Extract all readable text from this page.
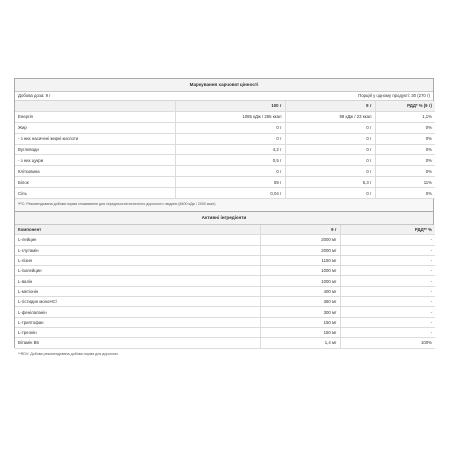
Маркування харчової цінності
Добова доза: 9 г	Порцій у одному продукті: 30 (270 г)
	100 г	9 г	РДД* % (9 г)
Енергія	1085 кДж / 255 ккал	98 кДж / 23 ккал	1,1%
Жир	0 г	0 г	0%
- з них насичені жирні кислоти	0 г	0 г	0%
Вуглеводи	4,2 г	0 г	0%
- з них цукри	0,5 г	0 г	0%
Клітковина	0 г	0 г	0%
Білок	59 г	5,3 г	11%
Сіль	0,04 г	0 г	0%
*РС: Рекомендована добова норма споживання для середньостатистичного дорослого людини (8400 кДж / 2000 ккал).
Активні інгредієнти
Компонент	9 г	РДД** %
L-лейцин	2000 мг	-
L-глутамін	2000 мг	-
L-лізин	1150 мг	-
L-ізолейцин	1000 мг	-
L-валін	1000 мг	-
L-метіонін	400 мг	-
L-гістидин моноHCl	360 мг	-
L-фенілаланін	300 мг	-
L-триптофан	150 мг	-
L-треонін	150 мг	-
Вітамін В6	1,4 мг	100%
**RDV: Добова рекомендована добова норма для дорослих.
